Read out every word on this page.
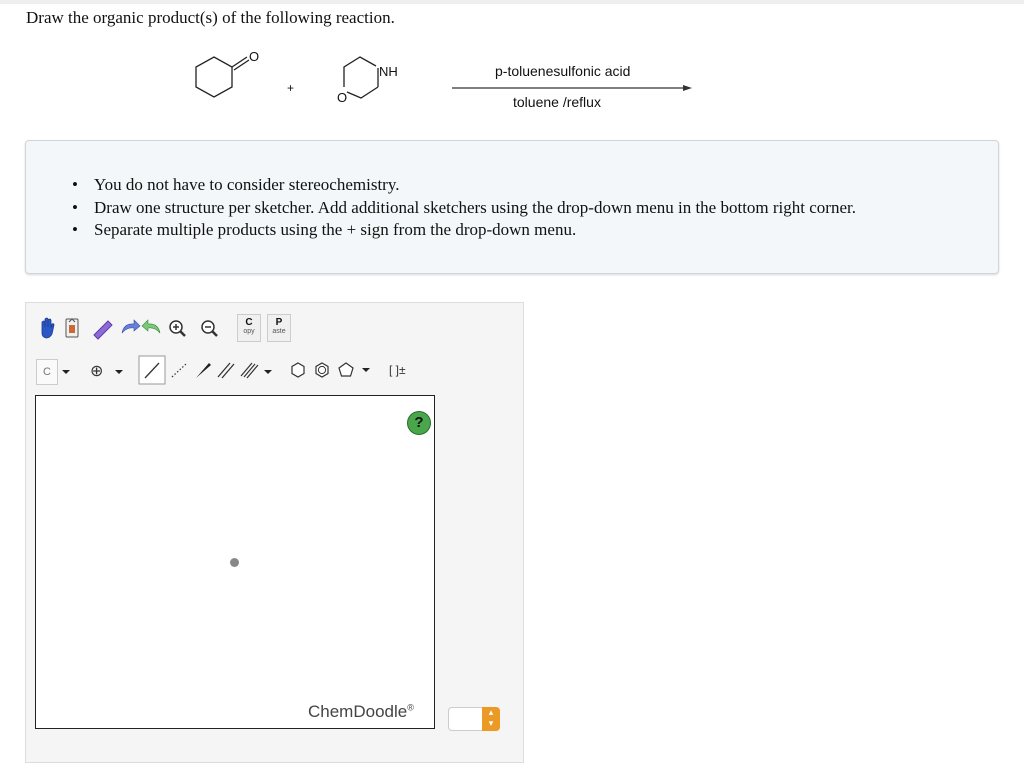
Draw the organic product(s) of the following reaction.
O
+
NH
O
p-toluenesulfonic acid
toluene /reflux
• You do not have to consider stereochemistry.
• Draw one structure per sketcher. Add additional sketchers using the drop-down menu in the bottom right corner.
• Separate multiple products using the + sign from the drop-down menu.
C
opy
P
aste
C	⊕	[ ]±
?
ChemDoodle®
▴
▾
